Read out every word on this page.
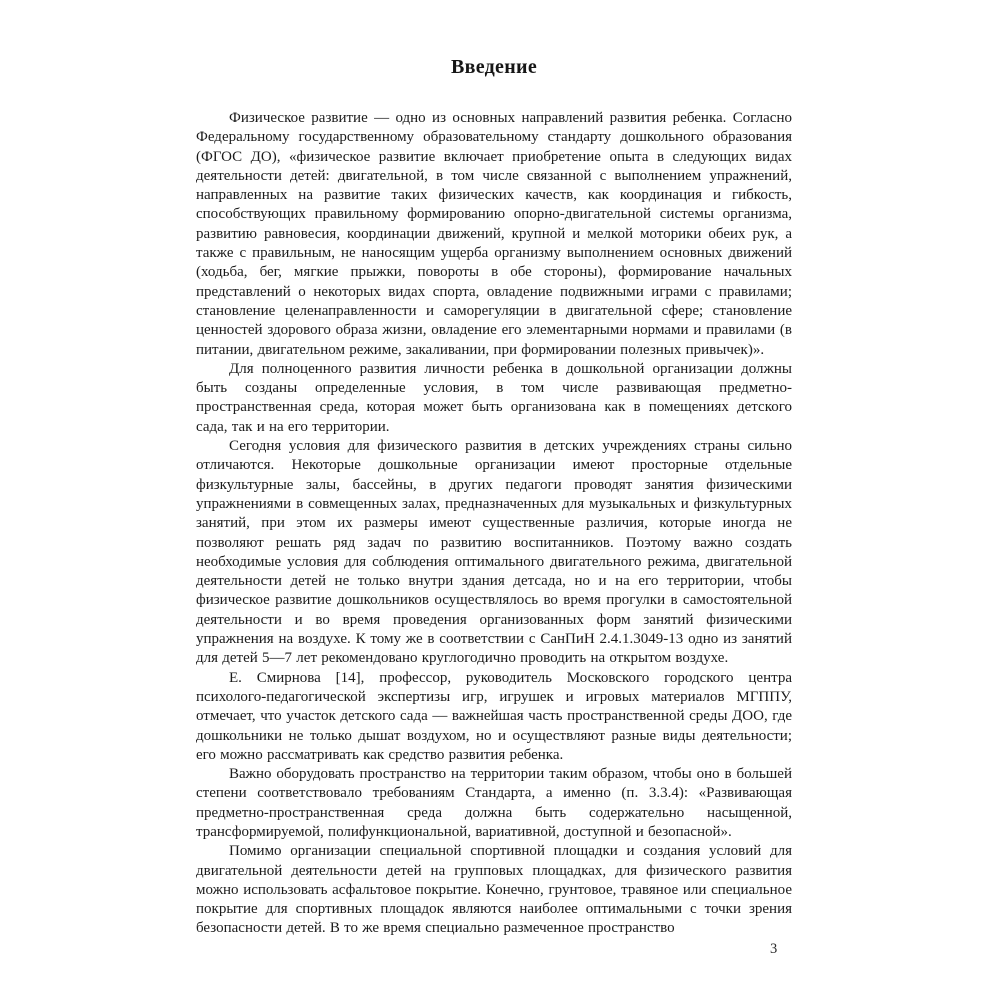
Введение

Физическое развитие — одно из основных направлений развития ребенка. Согласно Федеральному государственному образовательному стандарту дошкольного образования (ФГОС ДО), «физическое развитие включает приобретение опыта в следующих видах деятельности детей: двигательной, в том числе связанной с выполнением упражнений, направленных на развитие таких физических качеств, как координация и гибкость, способствующих правильному формированию опорно-двигательной системы организма, развитию равновесия, координации движений, крупной и мелкой моторики обеих рук, а также с правильным, не наносящим ущерба организму выполнением основных движений (ходьба, бег, мягкие прыжки, повороты в обе стороны), формирование начальных представлений о некоторых видах спорта, овладение подвижными играми с правилами; становление целенаправленности и саморегуляции в двигательной сфере; становление ценностей здорового образа жизни, овладение его элементарными нормами и правилами (в питании, двигательном режиме, закаливании, при формировании полезных привычек)».

Для полноценного развития личности ребенка в дошкольной организации должны быть созданы определенные условия, в том числе развивающая предметно-пространственная среда, которая может быть организована как в помещениях детского сада, так и на его территории.

Сегодня условия для физического развития в детских учреждениях страны сильно отличаются. Некоторые дошкольные организации имеют просторные отдельные физкультурные залы, бассейны, в других педагоги проводят занятия физическими упражнениями в совмещенных залах, предназначенных для музыкальных и физкультурных занятий, при этом их размеры имеют существенные различия, которые иногда не позволяют решать ряд задач по развитию воспитанников. Поэтому важно создать необходимые условия для соблюдения оптимального двигательного режима, двигательной деятельности детей не только внутри здания детсада, но и на его территории, чтобы физическое развитие дошкольников осуществлялось во время прогулки в самостоятельной деятельности и во время проведения организованных форм занятий физическими упражнения на воздухе. К тому же в соответствии с СанПиН 2.4.1.3049-13 одно из занятий для детей 5—7 лет рекомендовано круглогодично проводить на открытом воздухе.

Е. Смирнова [14], профессор, руководитель Московского городского центра психолого-педагогической экспертизы игр, игрушек и игровых материалов МГППУ, отмечает, что участок детского сада — важнейшая часть пространственной среды ДОО, где дошкольники не только дышат воздухом, но и осуществляют разные виды деятельности; его можно рассматривать как средство развития ребенка.

Важно оборудовать пространство на территории таким образом, чтобы оно в большей степени соответствовало требованиям Стандарта, а именно (п. 3.3.4): «Развивающая предметно-пространственная среда должна быть содержательно насыщенной, трансформируемой, полифункциональной, вариативной, доступной и безопасной».

Помимо организации специальной спортивной площадки и создания условий для двигательной деятельности детей на групповых площадках, для физического развития можно использовать асфальтовое покрытие. Конечно, грунтовое, травяное или специальное покрытие для спортивных площадок являются наиболее оптимальными с точки зрения безопасности детей. В то же время специально размеченное пространство

3
